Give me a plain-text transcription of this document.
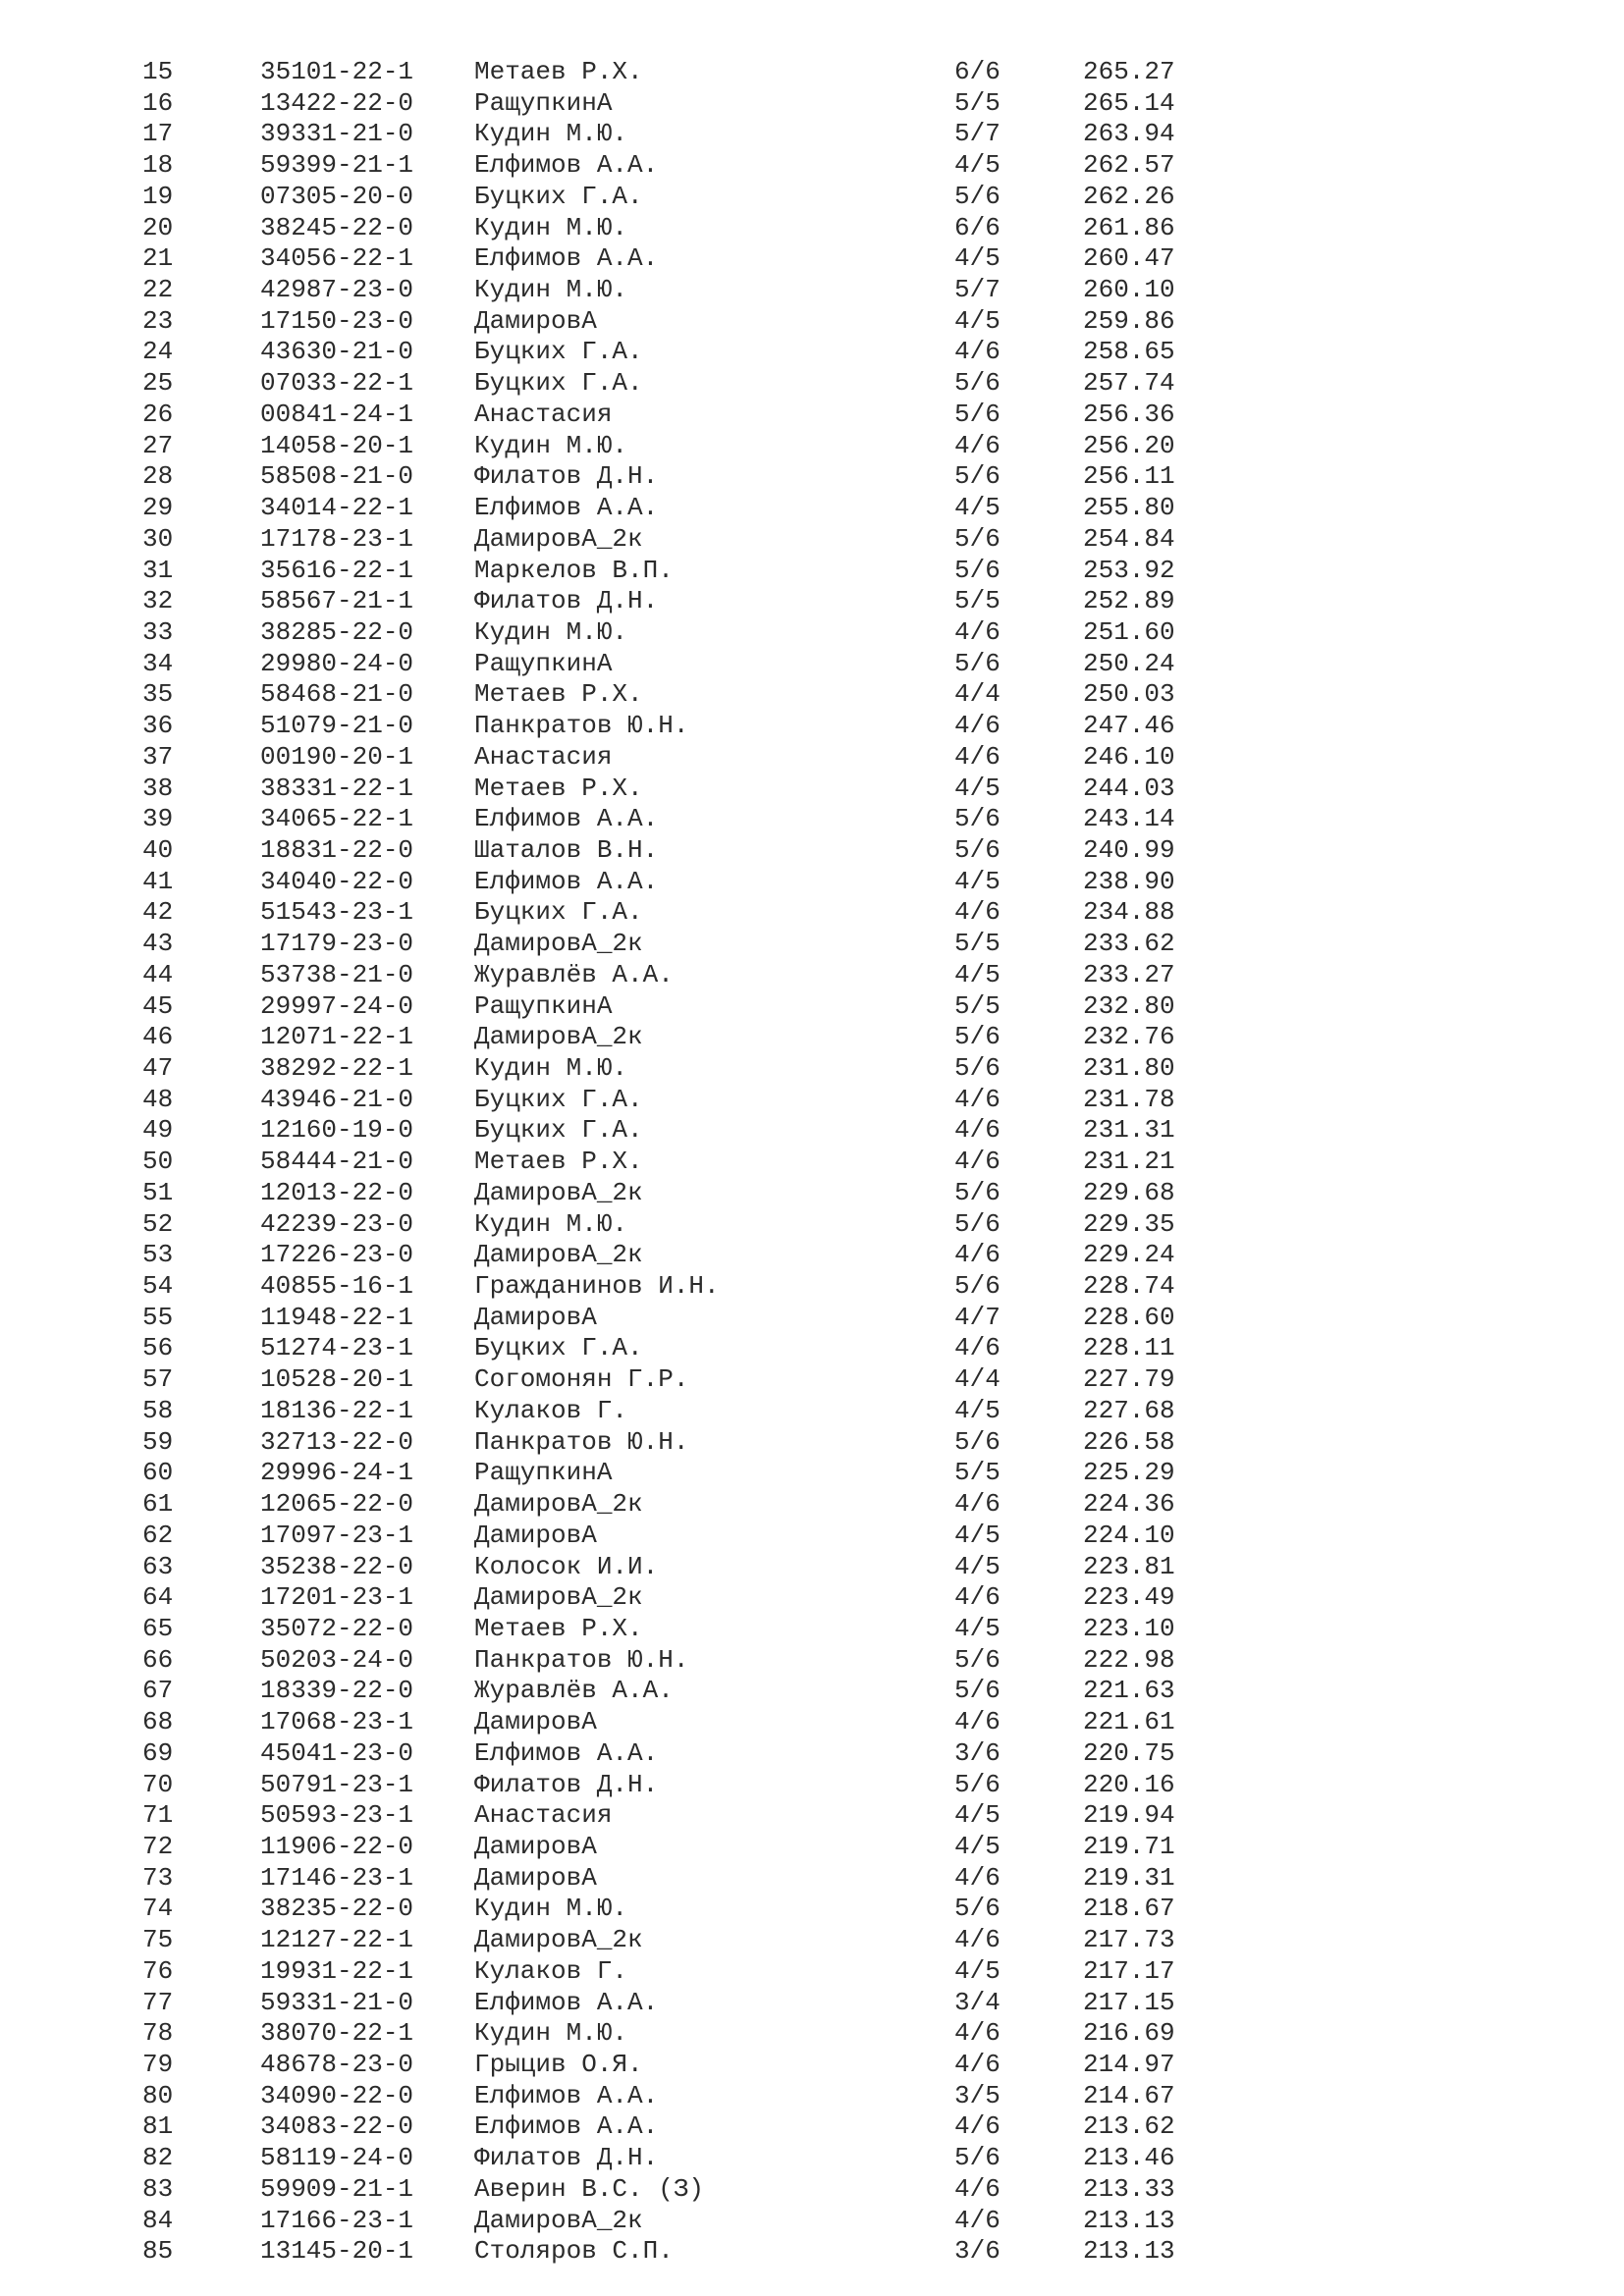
15	35101-22-1 Метаев Р.Х.	6/6	265.27
16	13422-22-0 РащупкинА	5/5	265.14
17	39331-21-0 Кудин М.Ю.	5/7	263.94
18	59399-21-1 Елфимов А.А.	4/5	262.57
19	07305-20-0 Буцких Г.А.	5/6	262.26
20	38245-22-0 Кудин М.Ю.	6/6	261.86
21	34056-22-1 Елфимов А.А.	4/5	260.47
22	42987-23-0 Кудин М.Ю.	5/7	260.10
23	17150-23-0 ДамировА	4/5	259.86
24	43630-21-0 Буцких Г.А.	4/6	258.65
25	07033-22-1 Буцких Г.А.	5/6	257.74
26	00841-24-1 Анастасия	5/6	256.36
27	14058-20-1 Кудин М.Ю.	4/6	256.20
28	58508-21-0 Филатов Д.Н.	5/6	256.11
29	34014-22-1 Елфимов А.А.	4/5	255.80
30	17178-23-1 ДамировА_2к	5/6	254.84
31	35616-22-1 Маркелов В.П.	5/6	253.92
32	58567-21-1 Филатов Д.Н.	5/5	252.89
33	38285-22-0 Кудин М.Ю.	4/6	251.60
34	29980-24-0 РащупкинА	5/6	250.24
35	58468-21-0 Метаев Р.Х.	4/4	250.03
36	51079-21-0 Панкратов Ю.Н.	4/6	247.46
37	00190-20-1 Анастасия	4/6	246.10
38	38331-22-1 Метаев Р.Х.	4/5	244.03
39	34065-22-1 Елфимов А.А.	5/6	243.14
40	18831-22-0 Шаталов В.Н.	5/6	240.99
41	34040-22-0 Елфимов А.А.	4/5	238.90
42	51543-23-1 Буцких Г.А.	4/6	234.88
43	17179-23-0 ДамировА_2к	5/5	233.62
44	53738-21-0 Журавлёв А.А.	4/5	233.27
45	29997-24-0 РащупкинА	5/5	232.80
46	12071-22-1 ДамировА_2к	5/6	232.76
47	38292-22-1 Кудин М.Ю.	5/6	231.80
48	43946-21-0 Буцких Г.А.	4/6	231.78
49	12160-19-0 Буцких Г.А.	4/6	231.31
50	58444-21-0 Метаев Р.Х.	4/6	231.21
51	12013-22-0 ДамировА_2к	5/6	229.68
52	42239-23-0 Кудин М.Ю.	5/6	229.35
53	17226-23-0 ДамировА_2к	4/6	229.24
54	40855-16-1 Гражданинов И.Н.	5/6	228.74
55	11948-22-1 ДамировА	4/7	228.60
56	51274-23-1 Буцких Г.А.	4/6	228.11
57	10528-20-1 Согомонян Г.Р.	4/4	227.79
58	18136-22-1 Кулаков Г.	4/5	227.68
59	32713-22-0 Панкратов Ю.Н.	5/6	226.58
60	29996-24-1 РащупкинА	5/5	225.29
61	12065-22-0 ДамировА_2к	4/6	224.36
62	17097-23-1 ДамировА	4/5	224.10
63	35238-22-0 Колосок И.И.	4/5	223.81
64	17201-23-1 ДамировА_2к	4/6	223.49
65	35072-22-0 Метаев Р.Х.	4/5	223.10
66	50203-24-0 Панкратов Ю.Н.	5/6	222.98
67	18339-22-0 Журавлёв А.А.	5/6	221.63
68	17068-23-1 ДамировА	4/6	221.61
69	45041-23-0 Елфимов А.А.	3/6	220.75
70	50791-23-1 Филатов Д.Н.	5/6	220.16
71	50593-23-1 Анастасия	4/5	219.94
72	11906-22-0 ДамировА	4/5	219.71
73	17146-23-1 ДамировА	4/6	219.31
74	38235-22-0 Кудин М.Ю.	5/6	218.67
75	12127-22-1 ДамировА_2к	4/6	217.73
76	19931-22-1 Кулаков Г.	4/5	217.17
77	59331-21-0 Елфимов А.А.	3/4	217.15
78	38070-22-1 Кудин М.Ю.	4/6	216.69
79	48678-23-0 Грыцив О.Я.	4/6	214.97
80	34090-22-0 Елфимов А.А.	3/5	214.67
81	34083-22-0 Елфимов А.А.	4/6	213.62
82	58119-24-0 Филатов Д.Н.	5/6	213.46
83	59909-21-1 Аверин В.С. (З)	4/6	213.33
84	17166-23-1 ДамировА_2к	4/6	213.13
85	13145-20-1 Столяров С.П.	3/6	213.13
